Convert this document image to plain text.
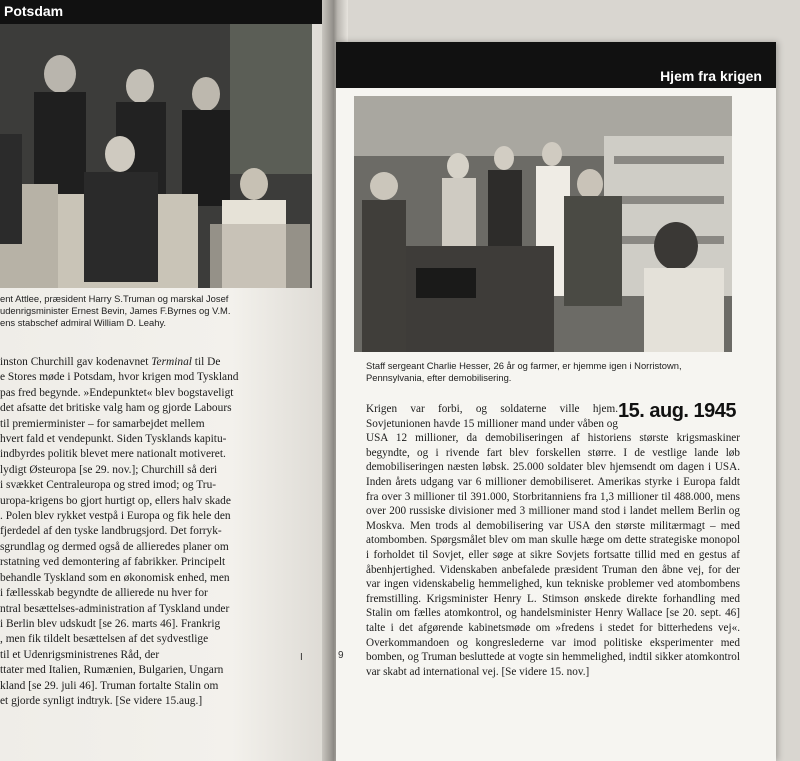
Potsdam
ent Attlee, præsident Harry S.Truman og marskal Josef
udenrigsminister Ernest Bevin, James F.Byrnes og V.M.
ens stabschef admiral William D. Leahy.
inston Churchill gav kodenavnet Terminal til De
e Stores møde i Potsdam, hvor krigen mod Tyskland
pas fred begynde. »Endepunktet« blev bogstaveligt
det afsatte det britiske valg ham og gjorde Labours
til premierminister – for samarbejdet mellem
hvert fald et vendepunkt. Siden Tysklands kapitu-
indbyrdes politik blevet mere nationalt motiveret.
lydigt Østeuropa [se 29. nov.]; Churchill så deri
i svækket Centraleuropa og stred imod; og Tru-
uropa-krigens bo gjort hurtigt op, ellers halv skade
. Polen blev rykket vestpå i Europa og fik hele den
fjerdedel af den tyske landbrugsjord. Det forryk-
sgrundlag og dermed også de allieredes planer om
rstatning ved demontering af fabrikker. Principelt
behandle Tyskland som en økonomisk enhed, men
i fællesskab begyndte de allierede nu hver for
ntral besættelses-administration af Tyskland under
i Berlin blev udskudt [se 26. marts 46]. Frankrig
, men fik tildelt besættelsen af det sydvestlige
til et Udenrigsministrenes Råd, der
ttater med Italien, Rumænien, Bulgarien, Ungarn
kland [se 29. juli 46]. Truman fortalte Stalin om
et gjorde synligt indtryk. [Se videre 15.aug.]
I
Hjem fra krigen
Staff sergeant Charlie Hesser, 26 år og farmer, er hjemme igen i Norristown, Pennsylvania, efter demobilisering.
15. aug. 1945
Krigen var forbi, og soldaterne ville hjem. Sovjetunionen havde 15 millioner mand under våben og USA 12 millioner, da demobiliseringen af historiens største krigsmaskiner begyndte, og i rivende fart blev forskellen større. I de vestlige lande løb demobiliseringen næsten løbsk. 25.000 soldater blev hjemsendt om dagen i USA. Inden årets udgang var 6 millioner demobiliseret. Amerikas styrke i Europa faldt fra over 3 millioner til 391.000, Storbritanniens fra 1,3 millioner til 488.000, mens over 200 russiske divisioner med 3 millioner mand stod i landet mellem Berlin og Moskva. Men trods al demobilisering var USA den største militærmagt – med atombomben. Spørgsmålet blev om man skulle hæge om dette strategiske monopol i forholdet til Sovjet, eller søge at sikre Sovjets fortsatte tillid med en gestus af åbenhjertighed. Videnskaben anbefalede præsident Truman den åbne vej, for der var ingen videnskabelig hemmelighed, kun tekniske problemer ved atombombens fremstilling. Krigsminister Henry L. Stimson ønskede direkte forhandling med Stalin om fælles atomkontrol, og handelsminister Henry Wallace [se 20. sept. 46] talte i det afgørende kabinetsmøde om »fredens i stedet for bitterhedens vej«. Overkommandoen og kongreslederne var imod politiske eksperimenter med bomben, og Truman besluttede at vogte sin hemmelighed, indtil sikker atomkontrol var skabt ad international vej. [Se videre 15. nov.]
9
